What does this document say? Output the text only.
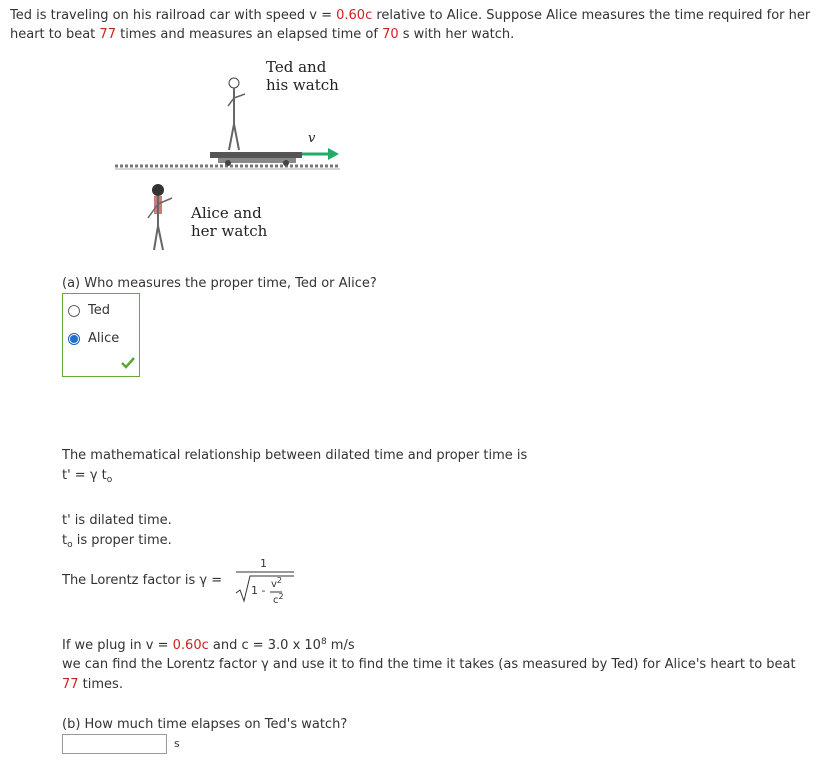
Ted is traveling on his railroad car with speed v = 0.60c relative to Alice. Suppose Alice measures the time required for her
heart to beat 77 times and measures an elapsed time of 70 s with her watch.
Ted and
his watch
v
Alice and
her watch
(a) Who measures the proper time, Ted or Alice?
Ted
Alice
The mathematical relationship between dilated time and proper time is
t' = γ $t_o$
t' is dilated time.
$t_o$ is proper time.
The Lorentz factor is γ =
1
$1 - v^2$
$c^2$
If we plug in v = 0.60c and c = 3.0 x $10^8$ m/s
we can find the Lorentz factor γ and use it to find the time it takes (as measured by Ted) for Alice's heart to beat
77 times.
(b) How much time elapses on Ted's watch?
s
